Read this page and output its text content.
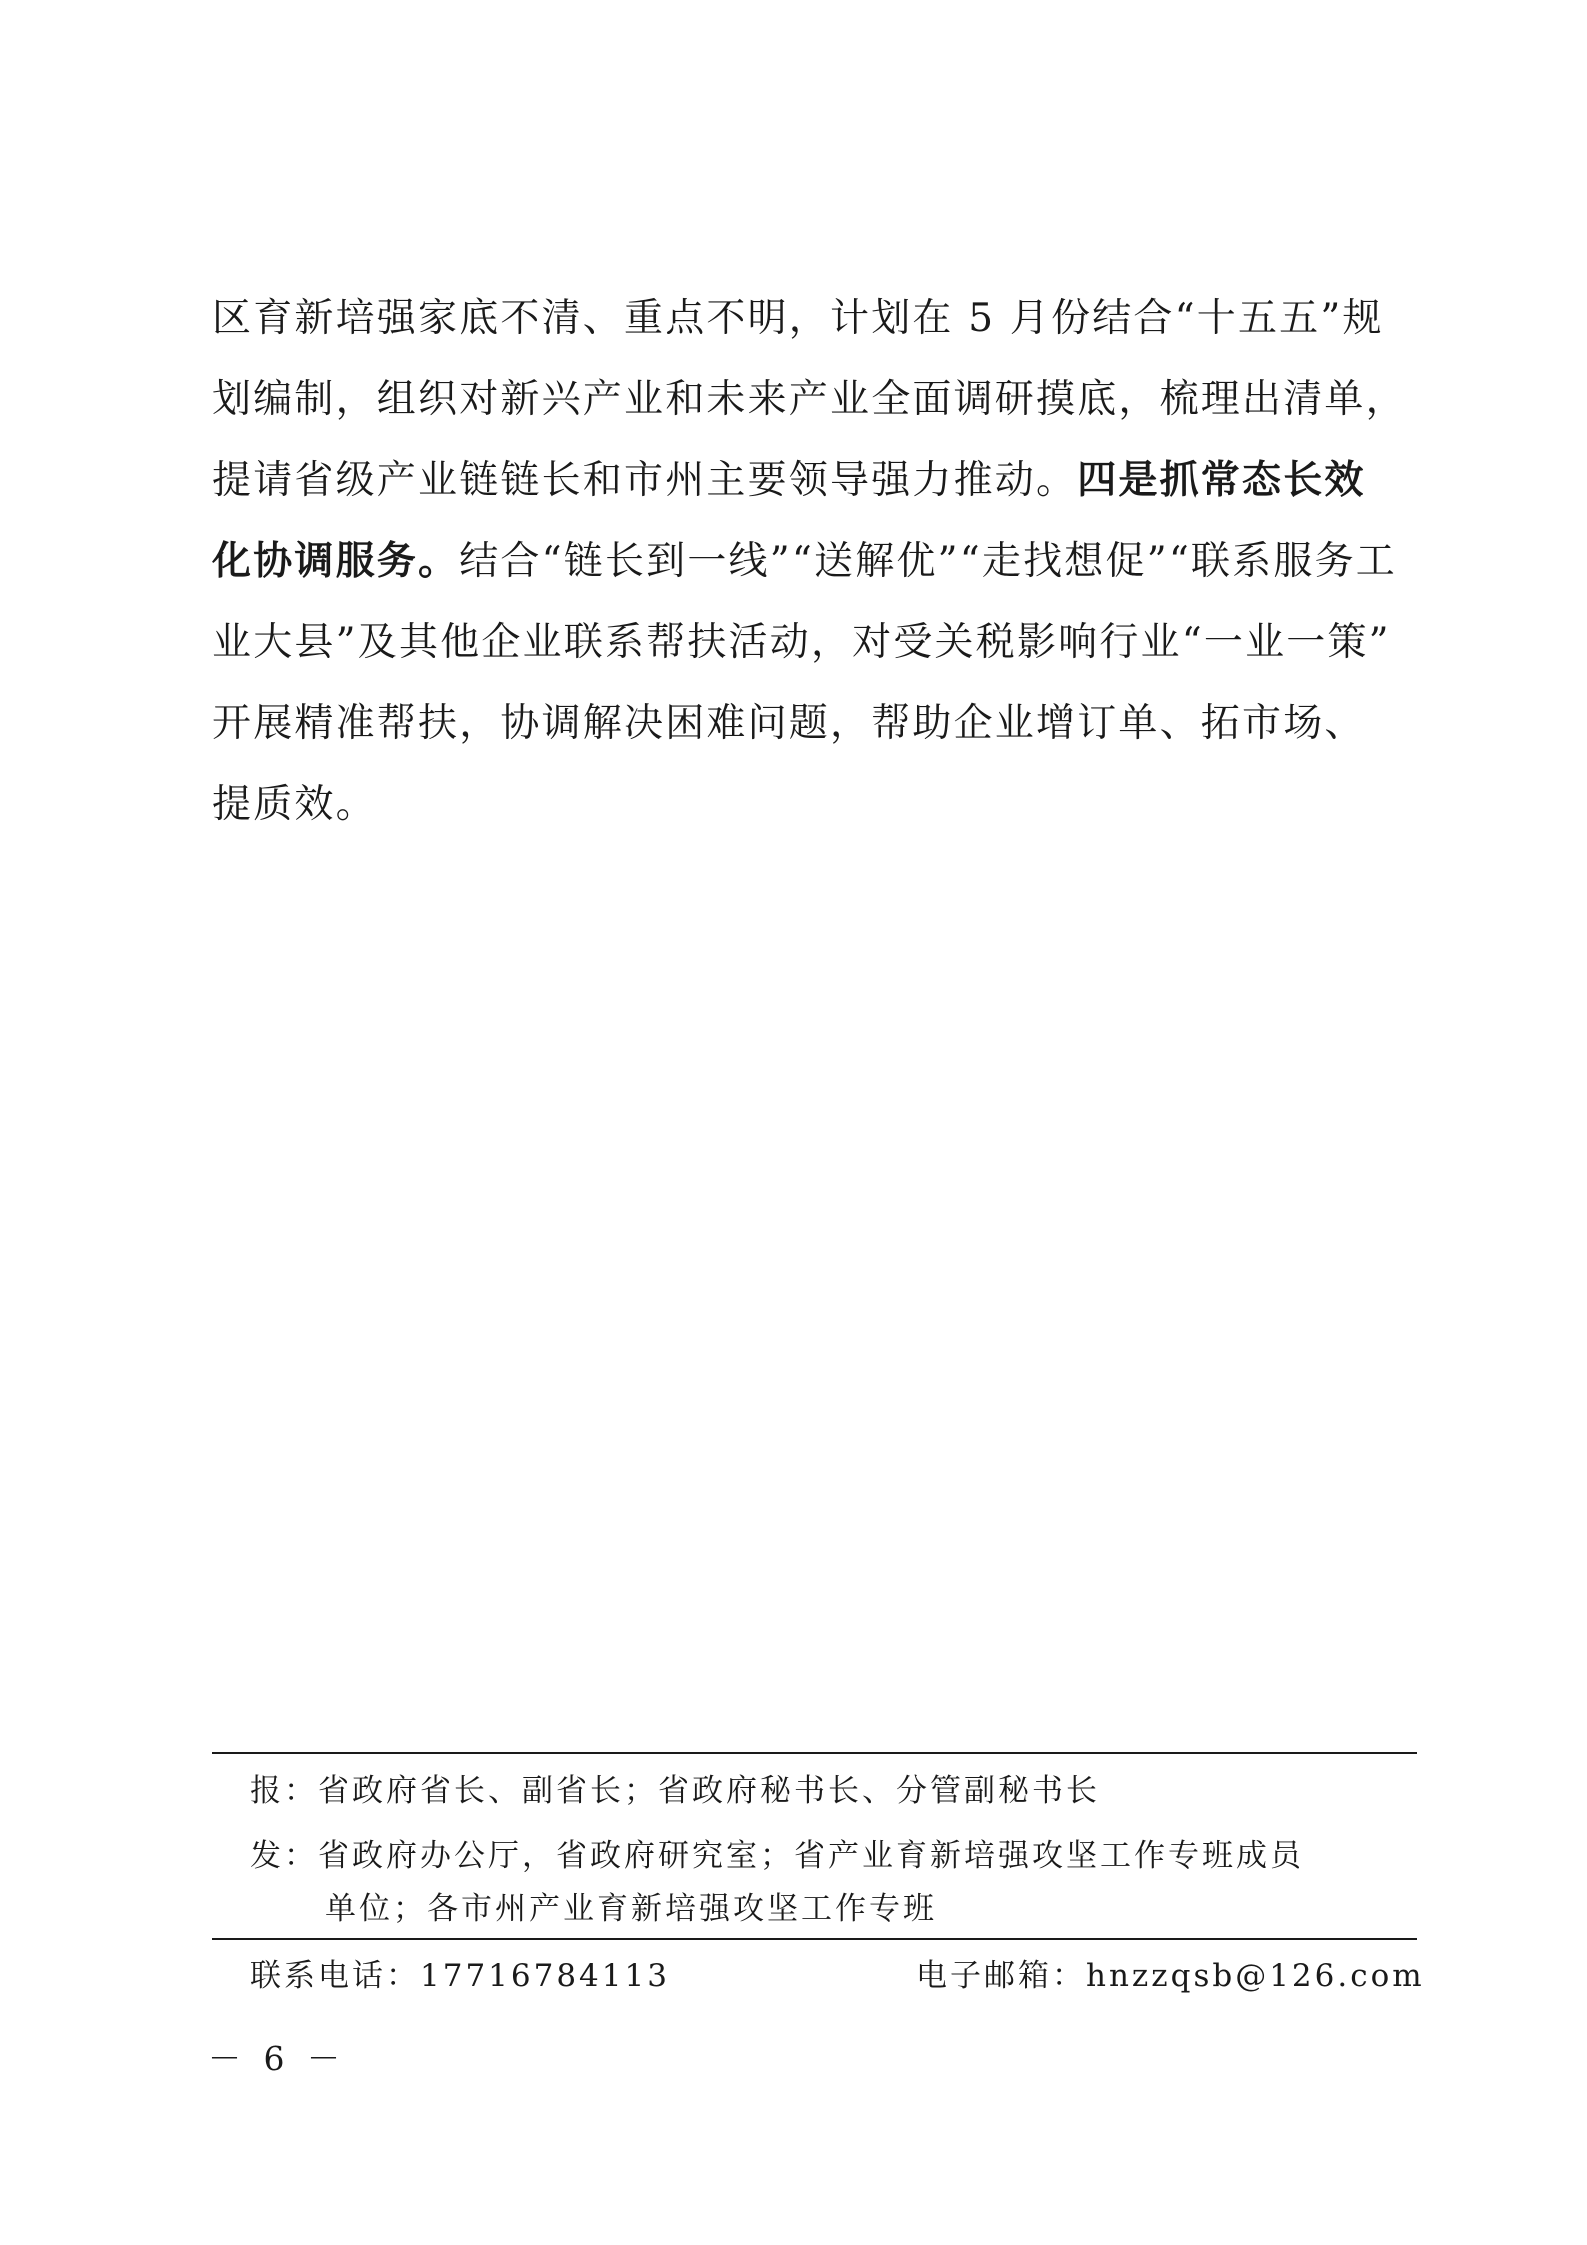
区育新培强家底不清、重点不明，计划在 5 月份结合“十五五”规
划编制，组织对新兴产业和未来产业全面调研摸底，梳理出清单，
提请省级产业链链长和市州主要领导强力推动。四是抓常态长效
化协调服务。结合“链长到一线”“送解优”“走找想促”“联系服务工
业大县”及其他企业联系帮扶活动，对受关税影响行业“一业一策”
开展精准帮扶，协调解决困难问题，帮助企业增订单、拓市场、
提质效。
报：省政府省长、副省长；省政府秘书长、分管副秘书长
发：省政府办公厅，省政府研究室；省产业育新培强攻坚工作专班成员
单位；各市州产业育新培强攻坚工作专班
联系电话：17716784113	电子邮箱：hnzzqsb@126.com
－ 6 －
